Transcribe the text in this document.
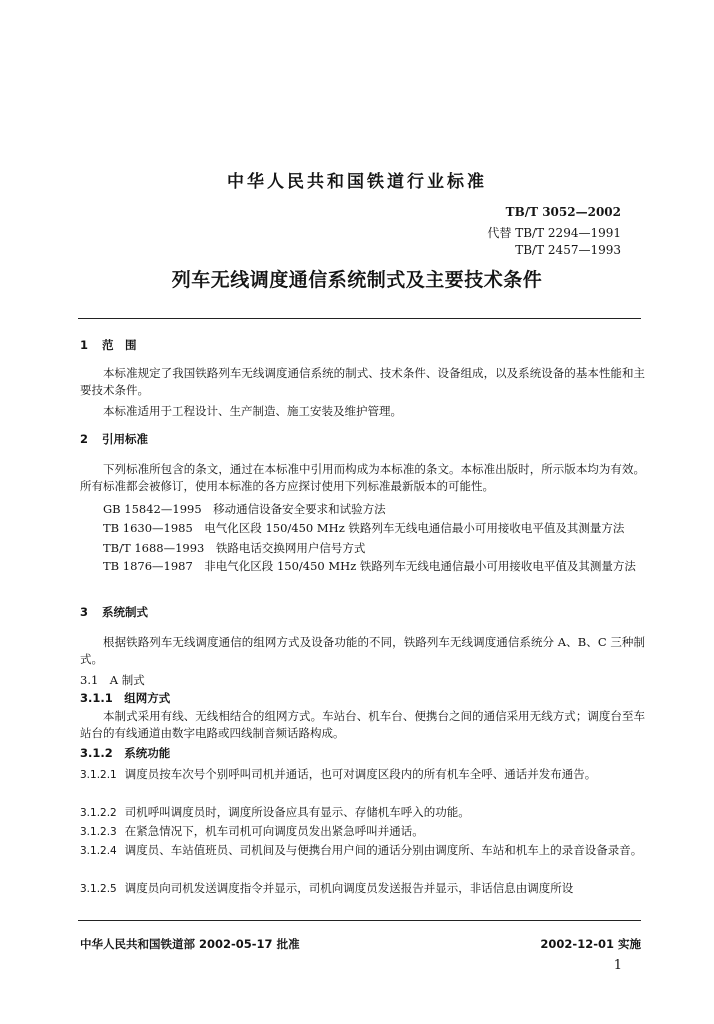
中华人民共和国铁道行业标准

TB/T 3052—2002

代替 TB/T 2294—1991

TB/T 2457—1993

列车无线调度通信系统制式及主要技术条件

1 范　围

本标准规定了我国铁路列车无线调度通信系统的制式、技术条件、设备组成，以及系统设备的基本性能和主要技术条件。

本标准适用于工程设计、生产制造、施工安装及维护管理。

2 引用标准

下列标准所包含的条文，通过在本标准中引用而构成为本标准的条文。本标准出版时，所示版本均为有效。所有标准都会被修订，使用本标准的各方应探讨使用下列标准最新版本的可能性。

GB 15842—1995　移动通信设备安全要求和试验方法

TB 1630—1985　电气化区段 150/450 MHz 铁路列车无线电通信最小可用接收电平值及其测量方法

TB/T 1688—1993　铁路电话交换网用户信号方式

TB 1876—1987　非电气化区段 150/450 MHz 铁路列车无线电通信最小可用接收电平值及其测量方法

3 系统制式

根据铁路列车无线调度通信的组网方式及设备功能的不同，铁路列车无线调度通信系统分 A、B、C 三种制式。

3.1　A 制式

3.1.1　组网方式

本制式采用有线、无线相结合的组网方式。车站台、机车台、便携台之间的通信采用无线方式；调度台至车站台的有线通道由数字电路或四线制音频话路构成。

3.1.2　系统功能

3.1.2.1 调度员按车次号个别呼叫司机并通话，也可对调度区段内的所有机车全呼、通话并发布通告。
3.1.2.2 司机呼叫调度员时，调度所设备应具有显示、存储机车呼入的功能。
3.1.2.3 在紧急情况下，机车司机可向调度员发出紧急呼叫并通话。
3.1.2.4 调度员、车站值班员、司机间及与便携台用户间的通话分别由调度所、车站和机车上的录音设备录音。
3.1.2.5 调度员向司机发送调度指令并显示，司机向调度员发送报告并显示，非话信息由调度所设

中华人民共和国铁道部 2002-05-17 批准	2002-12-01 实施

1
